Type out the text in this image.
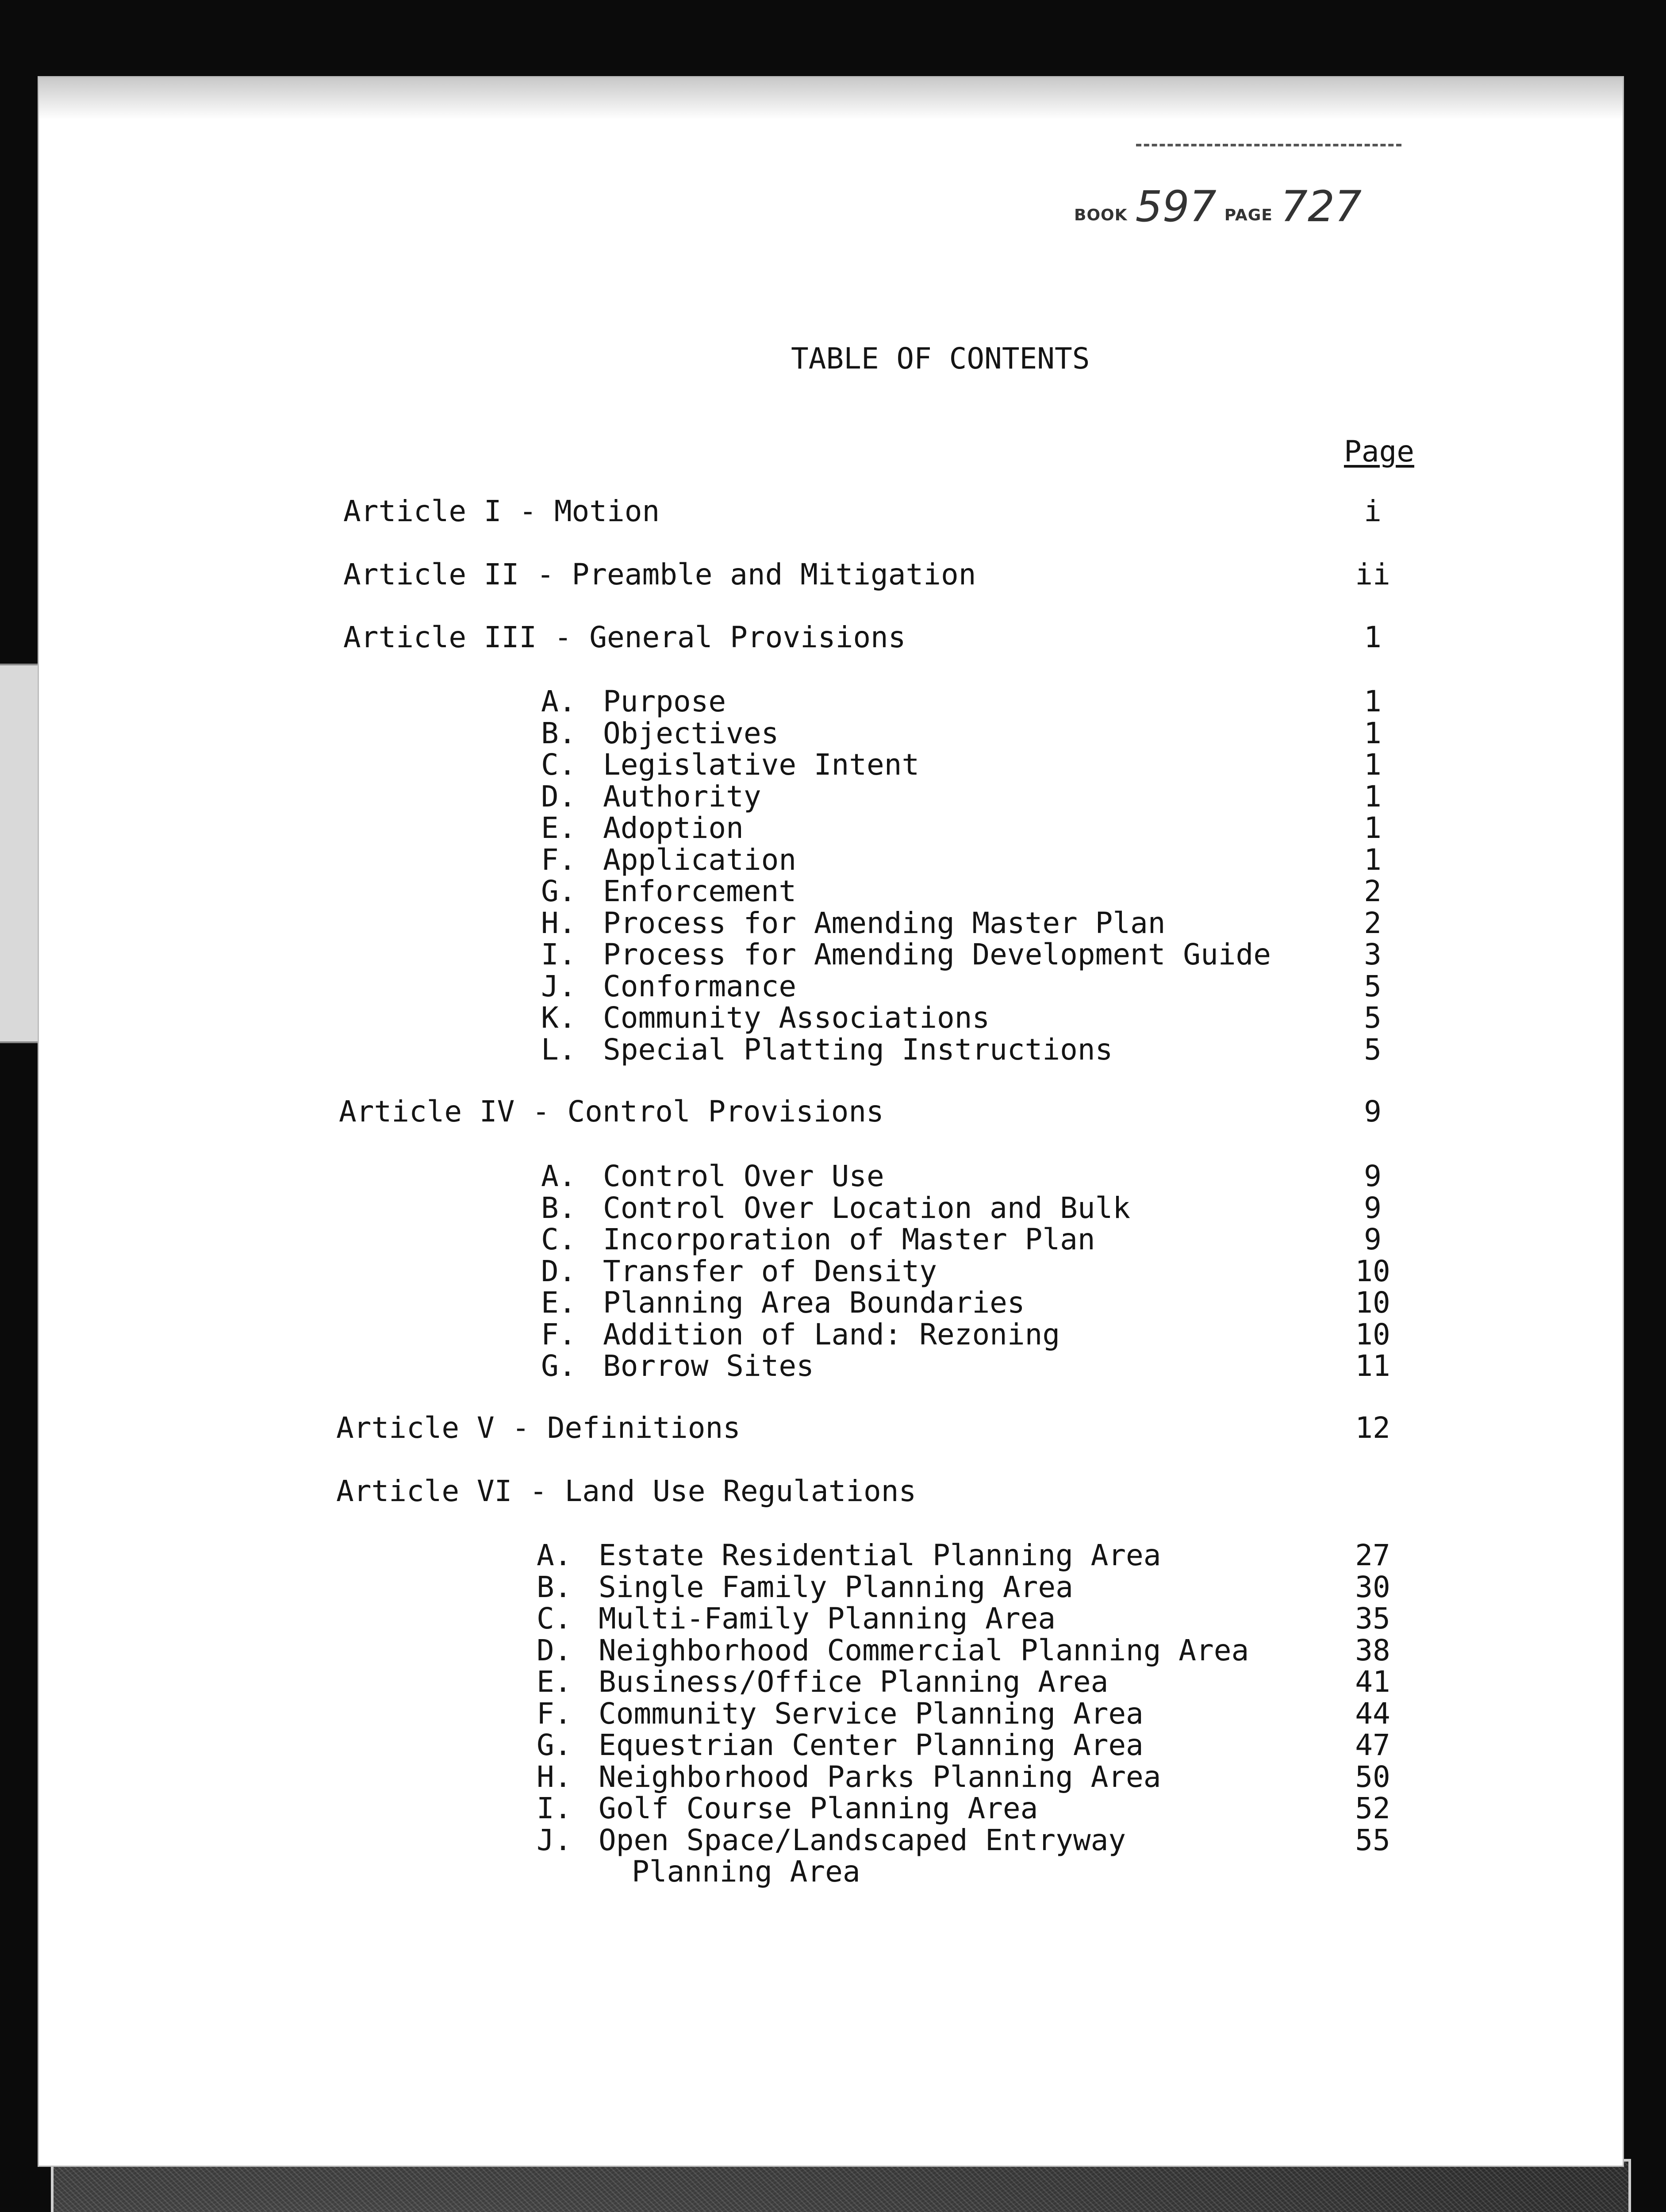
BOOK 597 PAGE 727
TABLE OF CONTENTS
Page
Article I - Motion	i
Article II - Preamble and Mitigation	ii
Article III - General Provisions	1
A. Purpose	1
B. Objectives	1
C. Legislative Intent	1
D. Authority	1
E. Adoption	1
F. Application	1
G. Enforcement	2
H. Process for Amending Master Plan	2
I. Process for Amending Development Guide	3
J. Conformance	5
K. Community Associations	5
L. Special Platting Instructions	5
Article IV - Control Provisions	9
A. Control Over Use	9
B. Control Over Location and Bulk	9
C. Incorporation of Master Plan	9
D. Transfer of Density	10
E. Planning Area Boundaries	10
F. Addition of Land: Rezoning	10
G. Borrow Sites	11
Article V - Definitions	12
Article VI - Land Use Regulations
A. Estate Residential Planning Area	27
B. Single Family Planning Area	30
C. Multi-Family Planning Area	35
D. Neighborhood Commercial Planning Area	38
E. Business/Office Planning Area	41
F. Community Service Planning Area	44
G. Equestrian Center Planning Area	47
H. Neighborhood Parks Planning Area	50
I. Golf Course Planning Area	52
J. Open Space/Landscaped Entryway	55
Planning Area
